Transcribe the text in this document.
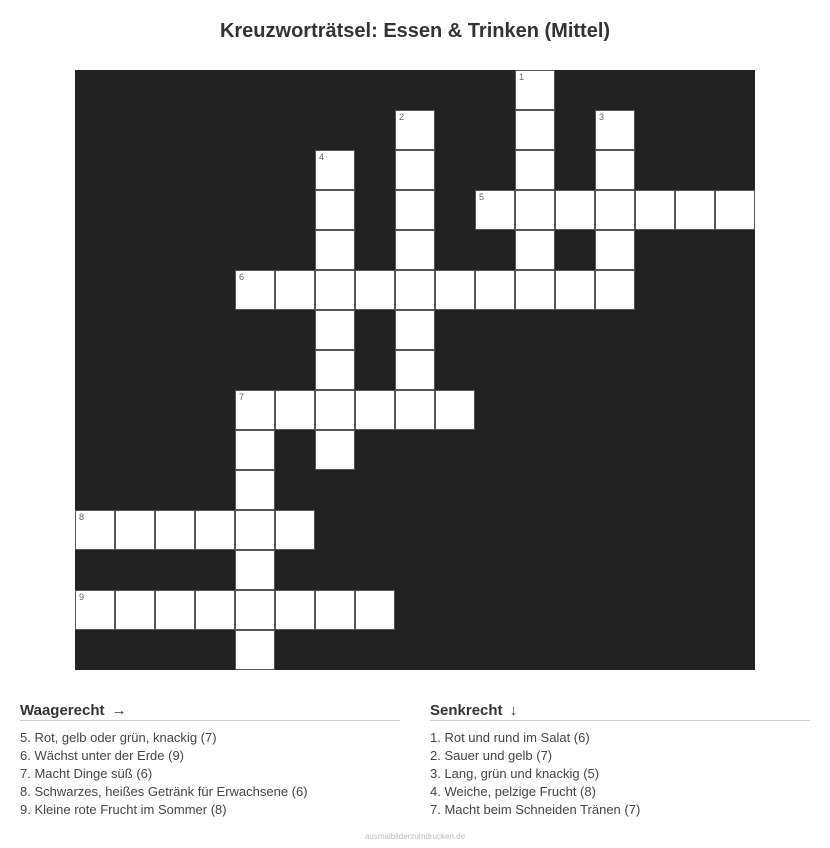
Kreuzworträtsel: Essen & Trinken (Mittel)
1
2	3
4
5
6
7
8
9
Waagerecht →
5. Rot, gelb oder grün, knackig (7)
6. Wächst unter der Erde (9)
7. Macht Dinge süß (6)
8. Schwarzes, heißes Getränk für Erwachsene (6)
9. Kleine rote Frucht im Sommer (8)
Senkrecht ↓
1. Rot und rund im Salat (6)
2. Sauer und gelb (7)
3. Lang, grün und knackig (5)
4. Weiche, pelzige Frucht (8)
7. Macht beim Schneiden Tränen (7)
ausmalbilderzumdrucken.de
